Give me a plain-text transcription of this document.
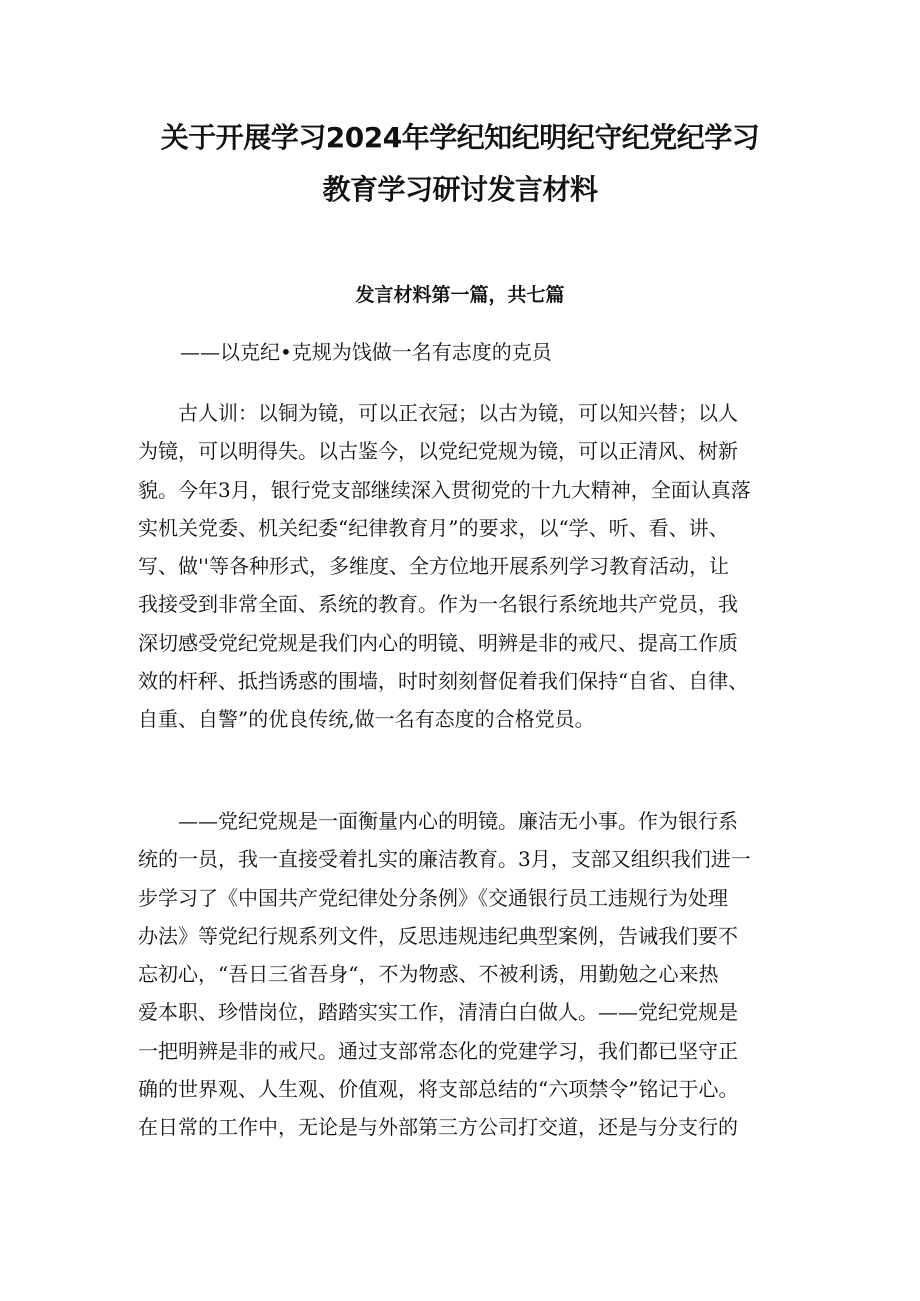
关于开展学习2024年学纪知纪明纪守纪党纪学习
教育学习研讨发言材料
发言材料第一篇，共七篇

——以克纪•克规为饯做一名有志度的克员

古人训：以铜为镜，可以正衣冠；以古为镜，可以知兴替；以人
为镜，可以明得失。以古鉴今，以党纪党规为镜，可以正清风、树新
貌。今年3月，银行党支部继续深入贯彻党的十九大精神，全面认真落
实机关党委、机关纪委“纪律教育月”的要求，以“学、听、看、讲、
写、做''等各种形式，多维度、全方位地开展系列学习教育活动，让
我接受到非常全面、系统的教育。作为一名银行系统地共产党员，我
深切感受党纪党规是我们内心的明镜、明辨是非的戒尺、提高工作质
效的杆秤、抵挡诱惑的围墙，时时刻刻督促着我们保持“自省、自律、
自重、自警”的优良传统,做一名有态度的合格党员。
——党纪党规是一面衡量内心的明镜。廉洁无小事。作为银行系
统的一员，我一直接受着扎实的廉洁教育。3月，支部又组织我们进一
步学习了《中国共产党纪律处分条例》《交通银行员工违规行为处理
办法》等党纪行规系列文件，反思违规违纪典型案例，告诫我们要不
忘初心，“吾日三省吾身“，不为物惑、不被利诱，用勤勉之心来热
爱本职、珍惜岗位，踏踏实实工作，清清白白做人。——党纪党规是
一把明辨是非的戒尺。通过支部常态化的党建学习，我们都已坚守正
确的世界观、人生观、价值观，将支部总结的“六项禁令”铭记于心。
在日常的工作中，无论是与外部第三方公司打交道，还是与分支行的
